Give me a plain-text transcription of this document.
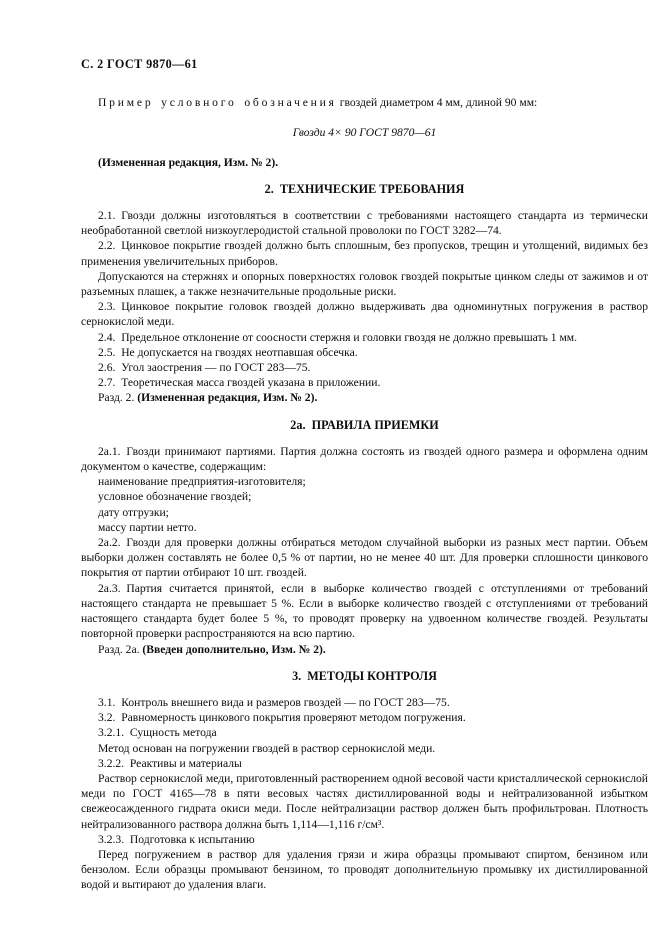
С. 2 ГОСТ 9870—61

Пример условного обозначения гвоздей диаметром 4 мм, длиной 90 мм:

Гвозди 4× 90 ГОСТ 9870—61

(Измененная редакция, Изм. № 2).

2. ТЕХНИЧЕСКИЕ ТРЕБОВАНИЯ

2.1. Гвозди должны изготовляться в соответствии с требованиями настоящего стандарта из термически необработанной светлой низкоуглеродистой стальной проволоки по ГОСТ 3282—74.

2.2. Цинковое покрытие гвоздей должно быть сплошным, без пропусков, трещин и утолщений, видимых без применения увеличительных приборов.

Допускаются на стержнях и опорных поверхностях головок гвоздей покрытые цинком следы от зажимов и от разъемных плашек, а также незначительные продольные риски.

2.3. Цинковое покрытие головок гвоздей должно выдерживать два одноминутных погружения в раствор сернокислой меди.

2.4. Предельное отклонение от соосности стержня и головки гвоздя не должно превышать 1 мм.

2.5. Не допускается на гвоздях неотпавшая обсечка.

2.6. Угол заострения — по ГОСТ 283—75.

2.7. Теоретическая масса гвоздей указана в приложении.

Разд. 2. (Измененная редакция, Изм. № 2).

2а. ПРАВИЛА ПРИЕМКИ

2а.1. Гвозди принимают партиями. Партия должна состоять из гвоздей одного размера и оформлена одним документом о качестве, содержащим:

наименование предприятия-изготовителя;

условное обозначение гвоздей;

дату отгрузки;

массу партии нетто.

2а.2. Гвозди для проверки должны отбираться методом случайной выборки из разных мест партии. Объем выборки должен составлять не более 0,5 % от партии, но не менее 40 шт. Для проверки сплошности цинкового покрытия от партии отбирают 10 шт. гвоздей.

2а.3. Партия считается принятой, если в выборке количество гвоздей с отступлениями от требований настоящего стандарта не превышает 5 %. Если в выборке количество гвоздей с отступлениями от требований настоящего стандарта будет более 5 %, то проводят проверку на удвоенном количестве гвоздей. Результаты повторной проверки распространяются на всю партию.

Разд. 2а. (Введен дополнительно, Изм. № 2).

3. МЕТОДЫ КОНТРОЛЯ

3.1. Контроль внешнего вида и размеров гвоздей — по ГОСТ 283—75.

3.2. Равномерность цинкового покрытия проверяют методом погружения.

3.2.1. Сущность метода

Метод основан на погружении гвоздей в раствор сернокислой меди.

3.2.2. Реактивы и материалы

Раствор сернокислой меди, приготовленный растворением одной весовой части кристаллической сернокислой меди по ГОСТ 4165—78 в пяти весовых частях дистиллированной воды и нейтрализованной избытком свежеосажденного гидрата окиси меди. После нейтрализации раствор должен быть профильтрован. Плотность нейтрализованного раствора должна быть 1,114—1,116 г/см³.

3.2.3. Подготовка к испытанию

Перед погружением в раствор для удаления грязи и жира образцы промывают спиртом, бензином или бензолом. Если образцы промывают бензином, то проводят дополнительную промывку их дистиллированной водой и вытирают до удаления влаги.
